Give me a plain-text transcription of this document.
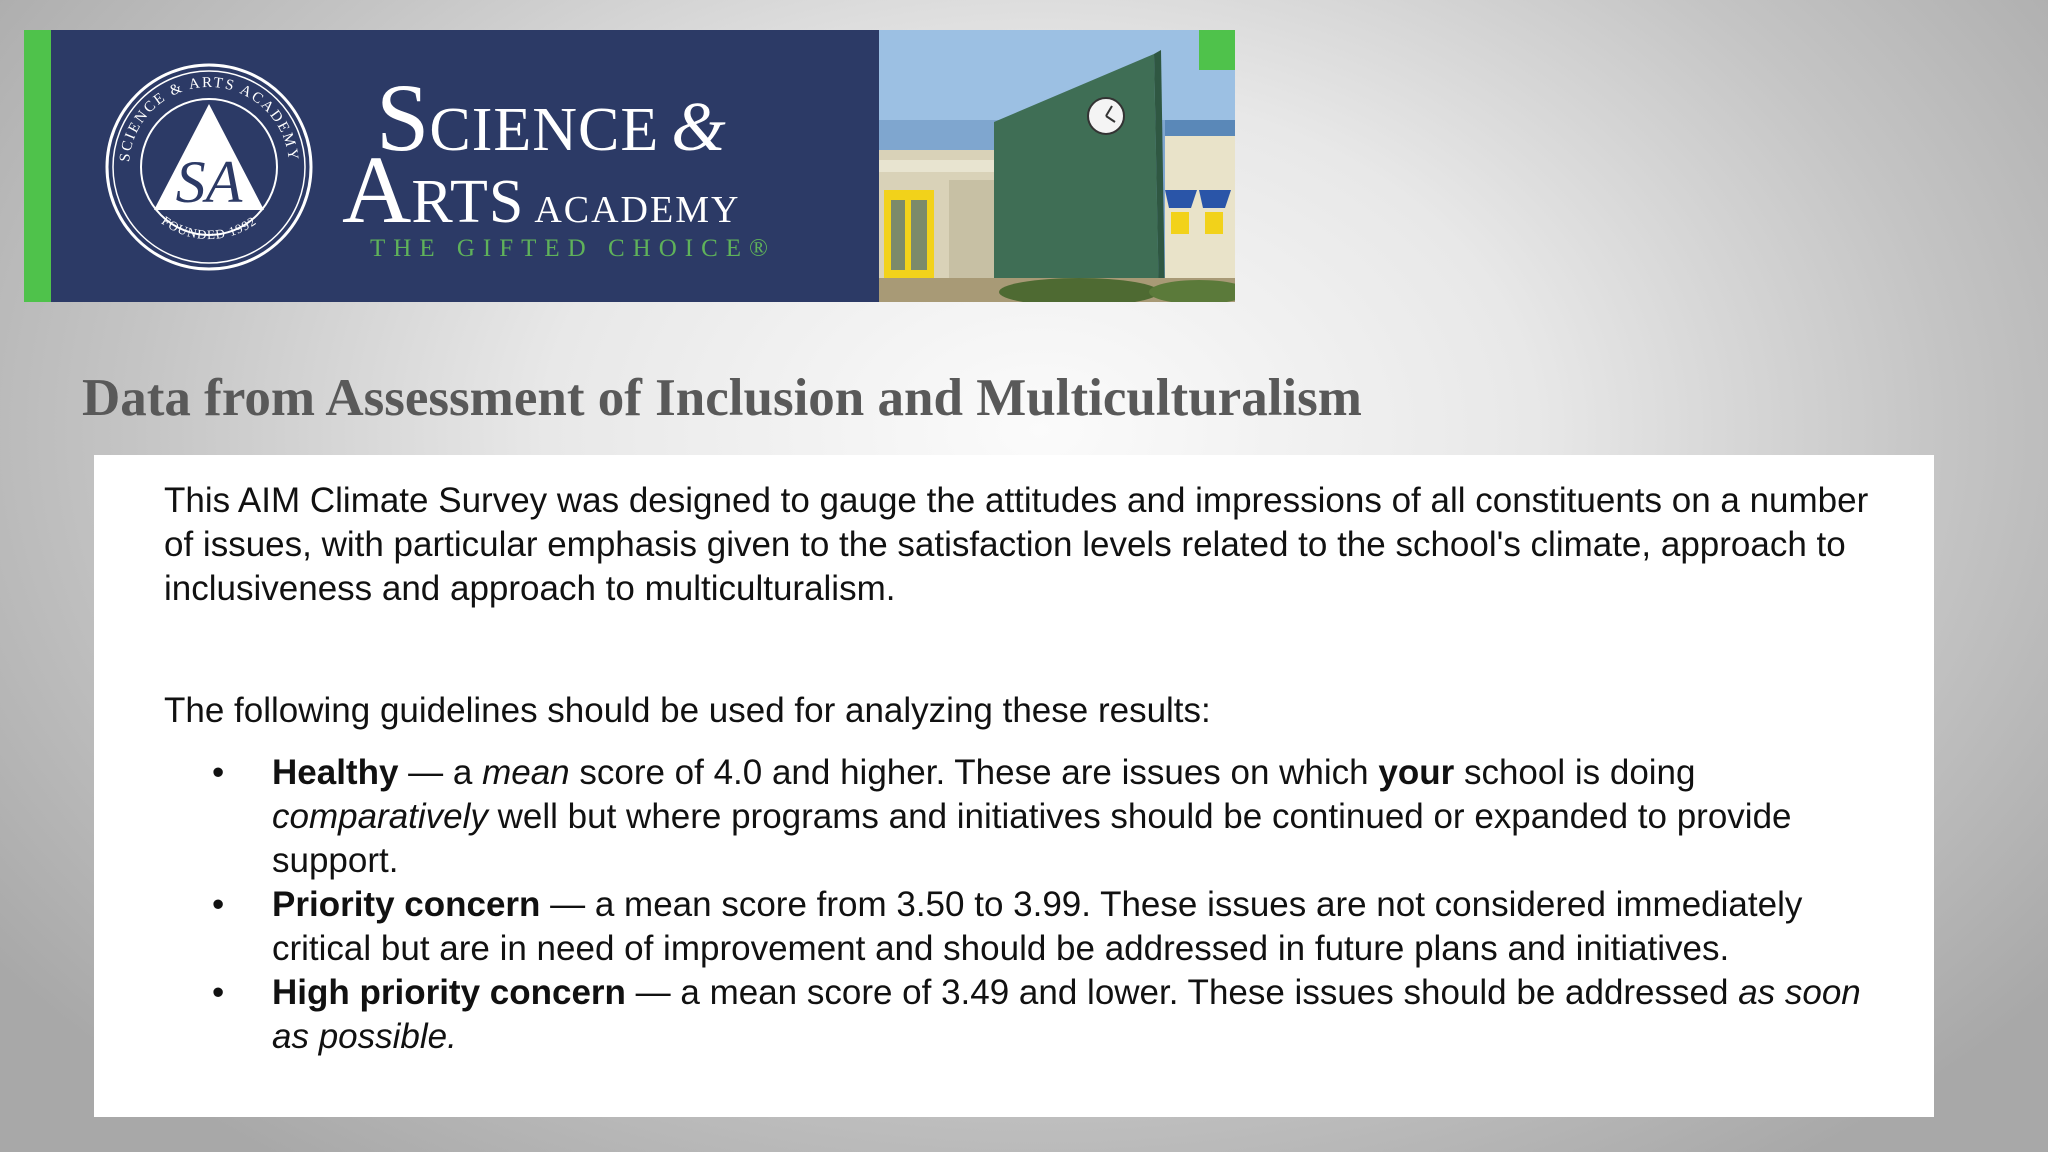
SCIENCE & ARTS ACADEMY
FOUNDED 1992
SA
SCIENCE &
ARTS ACADEMY
THE GIFTED CHOICE®
Data from Assessment of Inclusion and Multiculturalism

This AIM Climate Survey was designed to gauge the attitudes and impressions of all constituents on a number of issues, with particular emphasis given to the satisfaction levels related to the school's climate, approach to inclusiveness and approach to multiculturalism.

The following guidelines should be used for analyzing these results:

• Healthy — a mean score of 4.0 and higher. These are issues on which your school is doing comparatively well but where programs and initiatives should be continued or expanded to provide support.
• Priority concern — a mean score from 3.50 to 3.99. These issues are not considered immediately critical but are in need of improvement and should be addressed in future plans and initiatives.
• High priority concern — a mean score of 3.49 and lower. These issues should be addressed as soon as possible.
